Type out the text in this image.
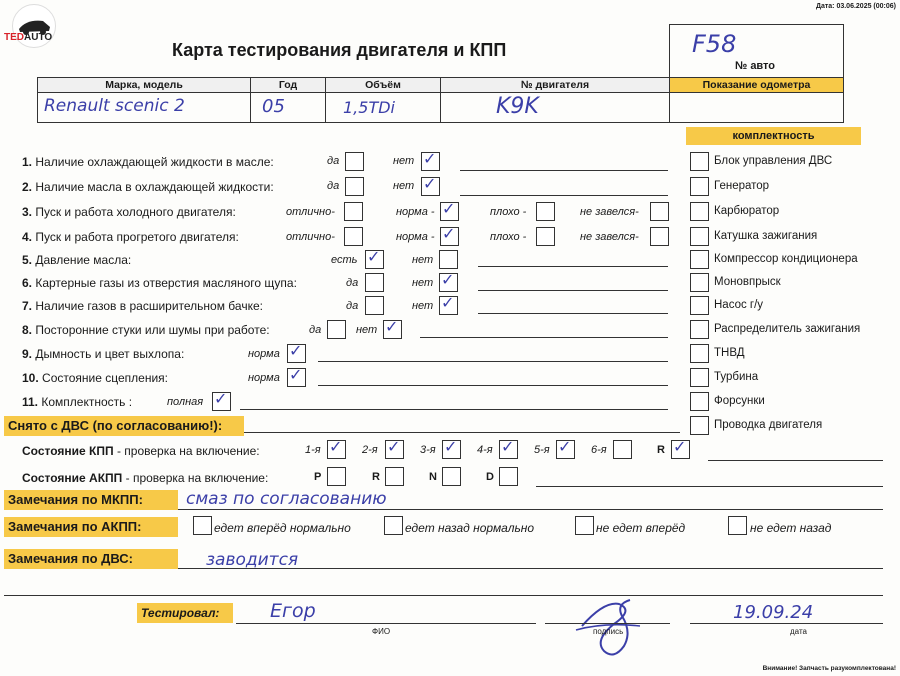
TEDAUTO
Дата: 03.06.2025 (00:06)
Карта тестирования двигателя и КПП	F58
№ авто
Марка, модель	Год	Объём	№ двигателя	Показание одометра
Renault scenic 2	05	1,5TDi	K9K
комплектность
1. Наличие охлаждающей жидкости в масле:	да	нет ✓
2. Наличие масла в охлаждающей жидкости:	да	нет ✓
3. Пуск и работа холодного двигателя:	отлично-	норма - ✓	плохо -	не завелся-
4. Пуск и работа прогретого двигателя:	отлично-	норма - ✓	плохо -	не завелся-
5. Давление масла:	есть ✓	нет
6. Картерные газы из отверстия масляного щупа:	да	нет ✓
7. Наличие газов в расширительном бачке:	да	нет ✓
8. Посторонние стуки или шумы при работе:	да	нет ✓
9. Дымность и цвет выхлопа:	норма ✓
10. Состояние сцепления:	норма ✓
11. Комплектность :	полная ✓
Блок управления ДВС
Генератор
Карбюратор
Катушка зажигания
Компрессор кондиционера
Моновпрыск
Насос г/у
Распределитель зажигания
ТНВД
Турбина
Форсунки
Проводка двигателя
Снято с ДВС (по согласованию!):
Состояние КПП - проверка на включение:	1-я ✓ 2-я ✓ 3-я ✓ 4-я ✓ 5-я ✓ 6-я	R ✓
Состояние АКПП - проверка на включение:	P	R	N	D
Замечания по МКПП:	смаз по согласованию
Замечания по АКПП:	едет вперёд нормально	едет назад нормально	не едет вперёд	не едет назад
Замечания по ДВС:	заводится
Тестировал:	Егор
ФИО	подпись
19.09.24
дата
Внимание! Запчасть разукомплектована!
